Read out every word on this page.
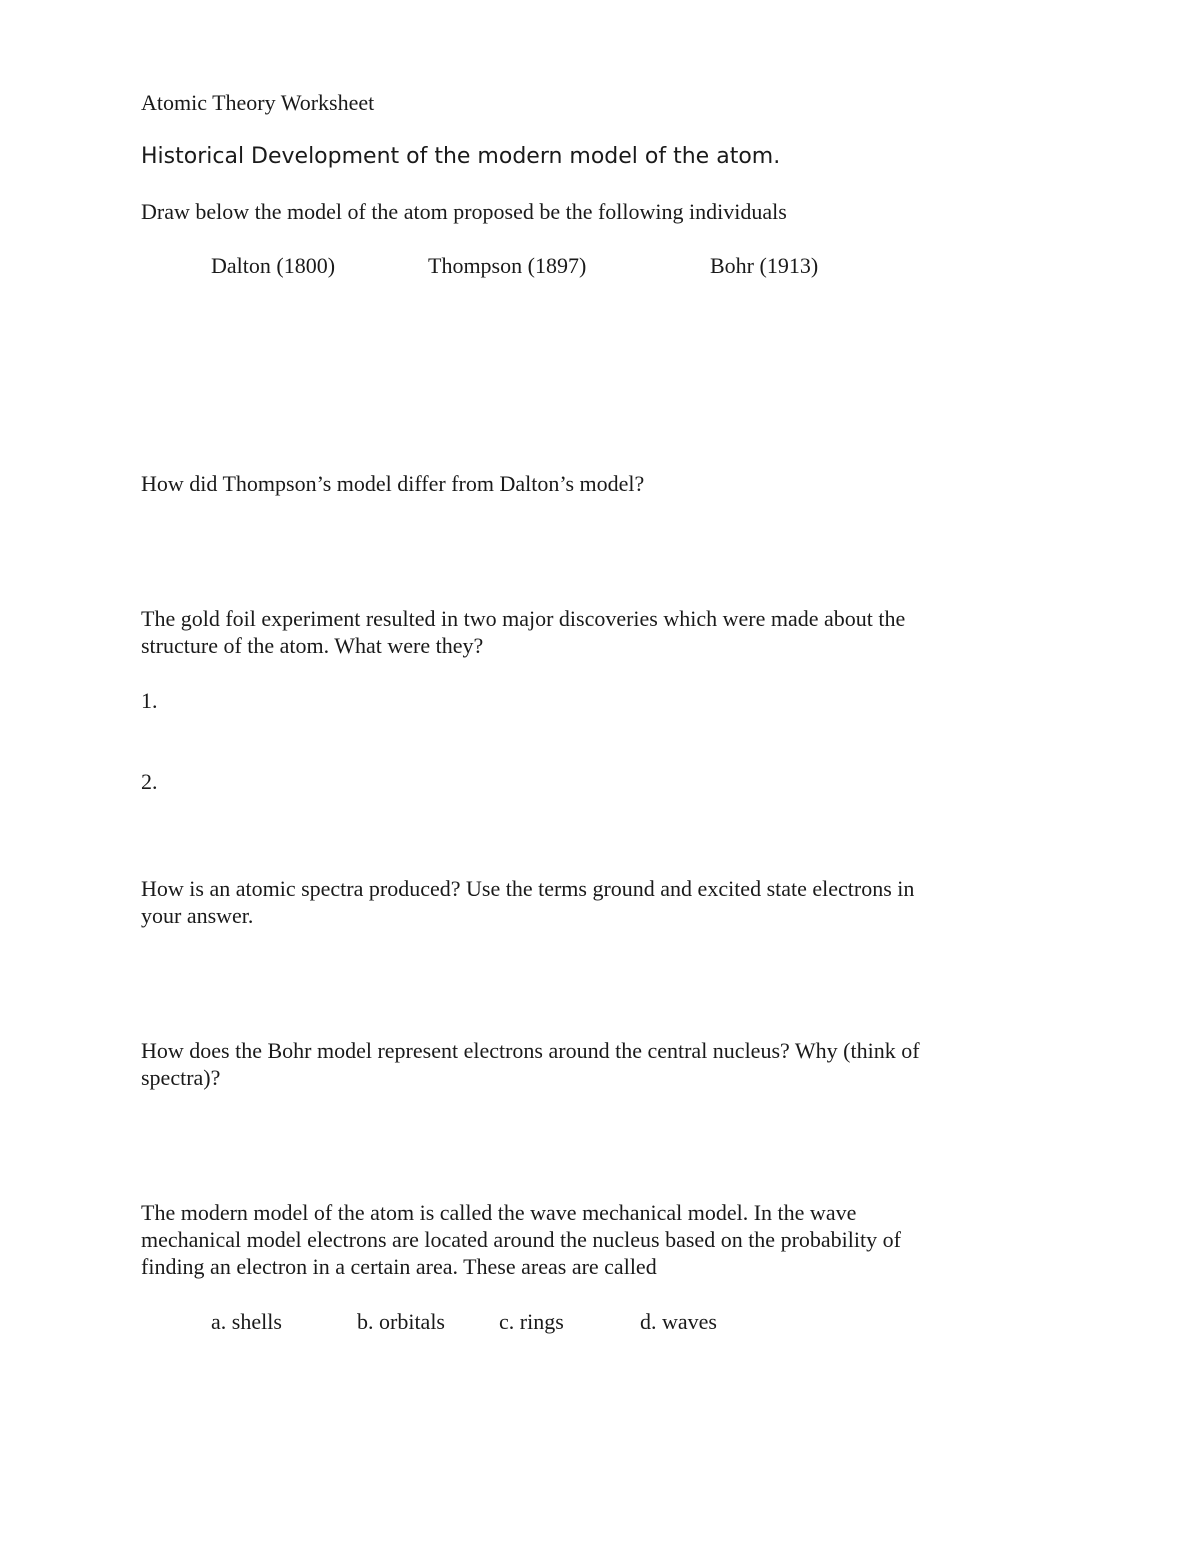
Atomic Theory Worksheet
Historical Development of the modern model of the atom.
Draw below the model of the atom proposed be the following individuals
Dalton (1800)	Thompson (1897)	Bohr (1913)
How did Thompson’s model differ from Dalton’s model?
The gold foil experiment resulted in two major discoveries which were made about the
structure of the atom. What were they?
1.
2.
How is an atomic spectra produced? Use the terms ground and excited state electrons in
your answer.
How does the Bohr model represent electrons around the central nucleus? Why (think of
spectra)?
The modern model of the atom is called the wave mechanical model. In the wave
mechanical model electrons are located around the nucleus based on the probability of
finding an electron in a certain area. These areas are called
a. shells	b. orbitals c. rings	d. waves
